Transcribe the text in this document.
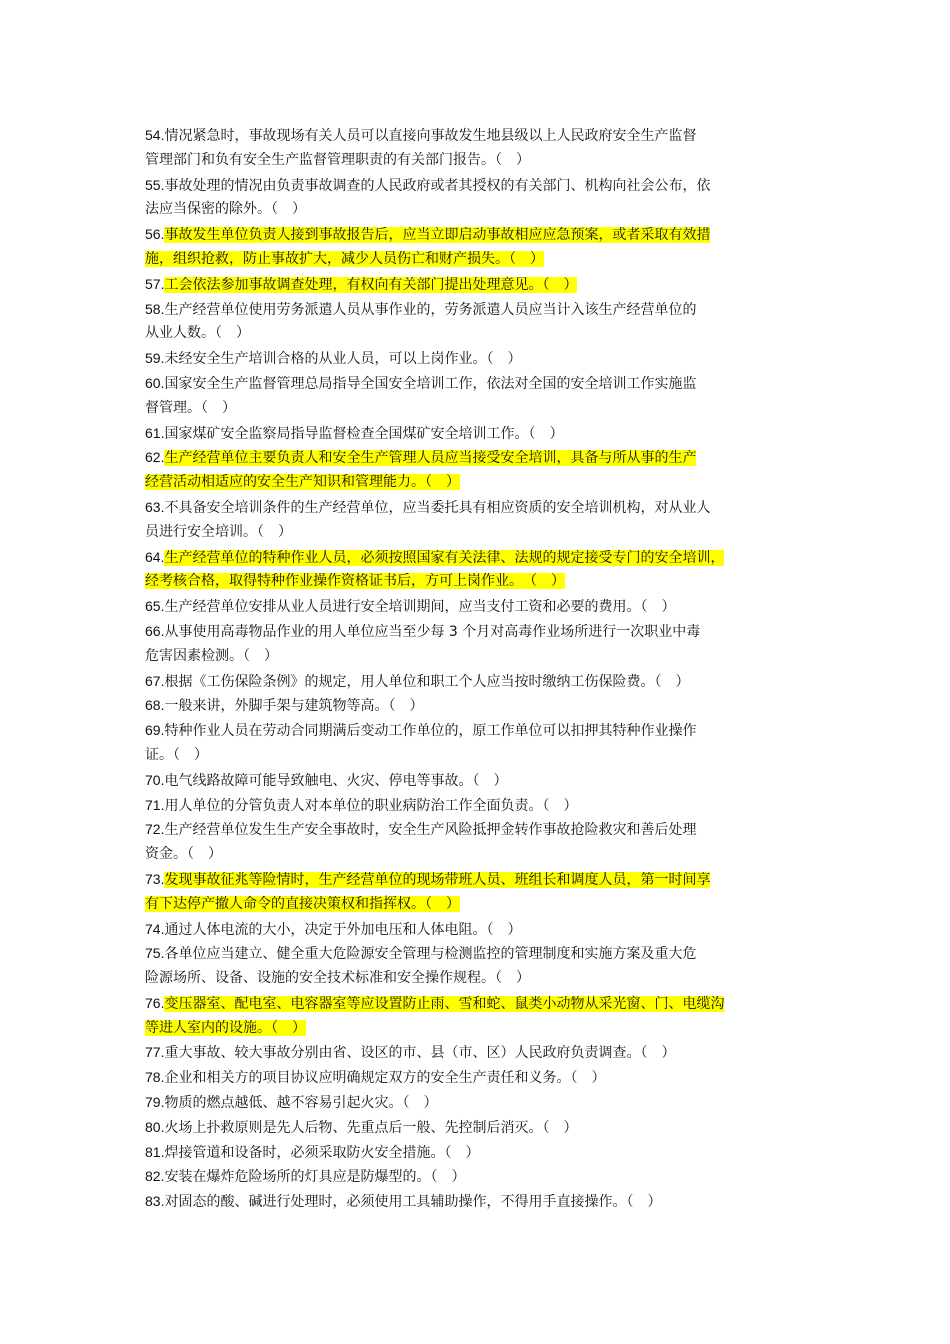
54.情况紧急时，事故现场有关人员可以直接向事故发生地县级以上人民政府安全生产监督
管理部门和负有安全生产监督管理职责的有关部门报告。（　）
55.事故处理的情况由负责事故调查的人民政府或者其授权的有关部门、机构向社会公布，依
法应当保密的除外。（　）
56.事故发生单位负责人接到事故报告后，应当立即启动事故相应应急预案，或者采取有效措
施，组织抢救，防止事故扩大，减少人员伤亡和财产损失。（　）
57.工会依法参加事故调查处理，有权向有关部门提出处理意见。（　）
58.生产经营单位使用劳务派遣人员从事作业的，劳务派遣人员应当计入该生产经营单位的
从业人数。（　）
59.未经安全生产培训合格的从业人员，可以上岗作业。（　）
60.国家安全生产监督管理总局指导全国安全培训工作，依法对全国的安全培训工作实施监
督管理。（　）
61.国家煤矿安全监察局指导监督检查全国煤矿安全培训工作。（　）
62.生产经营单位主要负责人和安全生产管理人员应当接受安全培训，具备与所从事的生产
经营活动相适应的安全生产知识和管理能力。（　）
63.不具备安全培训条件的生产经营单位，应当委托具有相应资质的安全培训机构，对从业人
员进行安全培训。（　）
64.生产经营单位的特种作业人员，必须按照国家有关法律、法规的规定接受专门的安全培训，
经考核合格，取得特种作业操作资格证书后，方可上岗作业。　（　）
65.生产经营单位安排从业人员进行安全培训期间，应当支付工资和必要的费用。（　）
66.从事使用高毒物品作业的用人单位应当至少每 3 个月对高毒作业场所进行一次职业中毒
危害因素检测。（　）
67.根据《工伤保险条例》的规定，用人单位和职工个人应当按时缴纳工伤保险费。（　）
68.一般来讲，外脚手架与建筑物等高。（　）
69.特种作业人员在劳动合同期满后变动工作单位的，原工作单位可以扣押其特种作业操作
证。（　）
70.电气线路故障可能导致触电、火灾、停电等事故。（　）
71.用人单位的分管负责人对本单位的职业病防治工作全面负责。（　）
72.生产经营单位发生生产安全事故时，安全生产风险抵押金转作事故抢险救灾和善后处理
资金。（　）
73.发现事故征兆等险情时，生产经营单位的现场带班人员、班组长和调度人员，第一时间享
有下达停产撤人命令的直接决策权和指挥权。（　）
74.通过人体电流的大小，决定于外加电压和人体电阻。（　）
75.各单位应当建立、健全重大危险源安全管理与检测监控的管理制度和实施方案及重大危
险源场所、设备、设施的安全技术标准和安全操作规程。（　）
76.变压器室、配电室、电容器室等应设置防止雨、雪和蛇、鼠类小动物从采光窗、门、电缆沟
等进人室内的设施。（　）
77.重大事故、较大事故分别由省、设区的市、县（市、区）人民政府负责调查。（　）
78.企业和相关方的项目协议应明确规定双方的安全生产责任和义务。（　）
79.物质的燃点越低、越不容易引起火灾。（　）
80.火场上扑救原则是先人后物、先重点后一般、先控制后消灭。（　）
81.焊接管道和设备时，必须采取防火安全措施。（　）
82.安装在爆炸危险场所的灯具应是防爆型的。（　）
83.对固态的酸、碱进行处理时，必须使用工具辅助操作，不得用手直接操作。（　）
